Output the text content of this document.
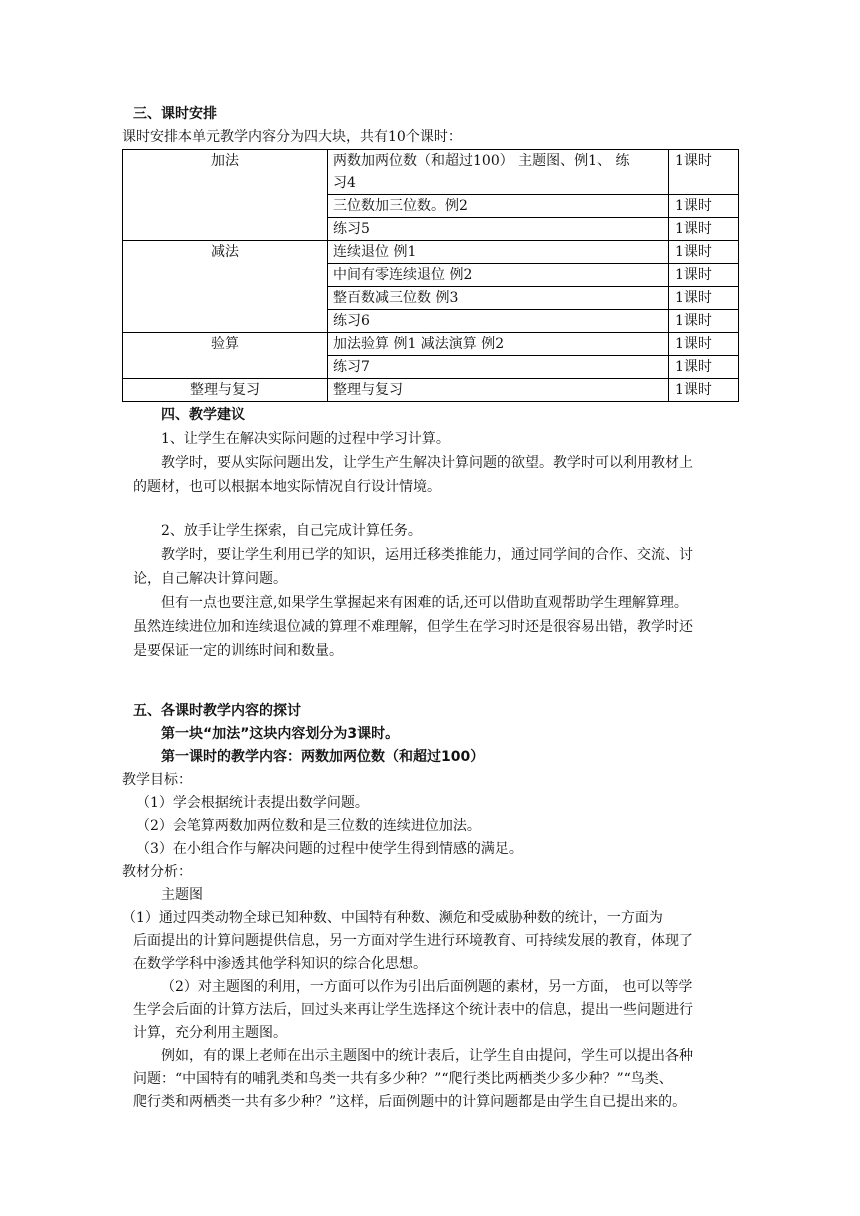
三、课时安排
课时安排本单元教学内容分为四大块，共有10个课时：
加法	两数加两位数（和超过100） 主题图、例1、 练
习4	1课时
	三位数加三位数。例2	1课时
	练习5	1课时
减法	连续退位 例1	1课时
	中间有零连续退位 例2	1课时
	整百数减三位数 例3	1课时
	练习6	1课时
验算	加法验算 例1 减法演算 例2	1课时
	练习7	1课时
整理与复习	整理与复习	1课时
四、教学建议
1、让学生在解决实际问题的过程中学习计算。
教学时，要从实际问题出发，让学生产生解决计算问题的欲望。教学时可以利用教材上
的题材，也可以根据本地实际情况自行设计情境。
2、放手让学生探索，自己完成计算任务。
教学时，要让学生利用已学的知识，运用迁移类推能力，通过同学间的合作、交流、讨
论，自己解决计算问题。
但有一点也要注意,如果学生掌握起来有困难的话,还可以借助直观帮助学生理解算理。
虽然连续进位加和连续退位减的算理不难理解，但学生在学习时还是很容易出错，教学时还
是要保证一定的训练时间和数量。
五、各课时教学内容的探讨
第一块“加法”这块内容划分为3课时。
第一课时的教学内容：两数加两位数（和超过100）
教学目标：
（1）学会根据统计表提出数学问题。
（2）会笔算两数加两位数和是三位数的连续进位加法。
（3）在小组合作与解决问题的过程中使学生得到情感的满足。
教材分析：
主题图
（1）通过四类动物全球已知种数、中国特有种数、濒危和受威胁种数的统计，一方面为
后面提出的计算问题提供信息，另一方面对学生进行环境教育、可持续发展的教育，体现了
在数学学科中渗透其他学科知识的综合化思想。
（2）对主题图的利用，一方面可以作为引出后面例题的素材，另一方面， 也可以等学
生学会后面的计算方法后，回过头来再让学生选择这个统计表中的信息，提出一些问题进行
计算，充分利用主题图。
例如，有的课上老师在出示主题图中的统计表后，让学生自由提问，学生可以提出各种
问题：“中国特有的哺乳类和鸟类一共有多少种？”“爬行类比两栖类少多少种？”“鸟类、
爬行类和两栖类一共有多少种？”这样，后面例题中的计算问题都是由学生自已提出来的。
